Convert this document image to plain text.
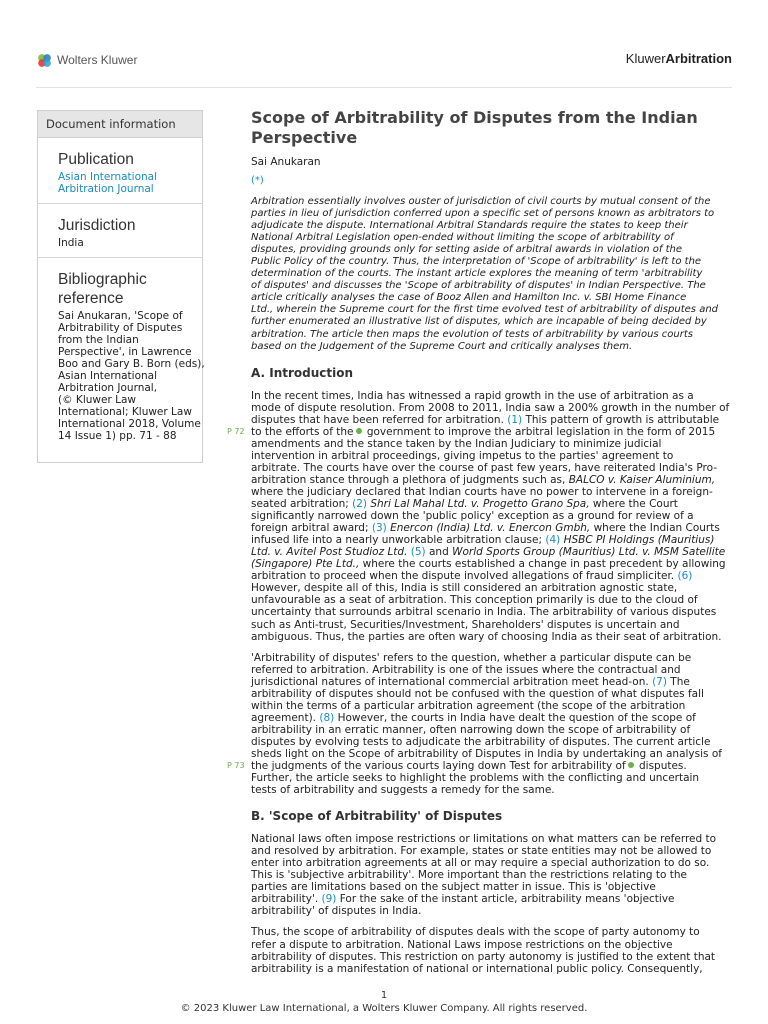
Wolters Kluwer	KluwerArbitration
Document information
Publication
Asian International
Arbitration Journal
Jurisdiction
India
Bibliographic
reference
Sai Anukaran, 'Scope of
Arbitrability of Disputes
from the Indian
Perspective', in Lawrence
Boo and Gary B. Born (eds),
Asian International
Arbitration Journal,
(© Kluwer Law
International; Kluwer Law
International 2018, Volume
14 Issue 1) pp. 71 - 88
Scope of Arbitrability of Disputes from the Indian
Perspective
Sai Anukaran
(*)
Arbitration essentially involves ouster of jurisdiction of civil courts by mutual consent of the
parties in lieu of jurisdiction conferred upon a specific set of persons known as arbitrators to
adjudicate the dispute. International Arbitral Standards require the states to keep their
National Arbitral Legislation open-ended without limiting the scope of arbitrability of
disputes, providing grounds only for setting aside of arbitral awards in violation of the
Public Policy of the country. Thus, the interpretation of 'Scope of arbitrability' is left to the
determination of the courts. The instant article explores the meaning of term 'arbitrability
of disputes' and discusses the 'Scope of arbitrability of disputes' in Indian Perspective. The
article critically analyses the case of Booz Allen and Hamilton Inc. v. SBI Home Finance
Ltd., wherein the Supreme court for the first time evolved test of arbitrability of disputes and
further enumerated an illustrative list of disputes, which are incapable of being decided by
arbitration. The article then maps the evolution of tests of arbitrability by various courts
based on the Judgement of the Supreme Court and critically analyses them.
A. Introduction
In the recent times, India has witnessed a rapid growth in the use of arbitration as a
mode of dispute resolution. From 2008 to 2011, India saw a 200% growth in the number of
disputes that have been referred for arbitration. (1) This pattern of growth is attributable
P 72 to the efforts of the government to improve the arbitral legislation in the form of 2015
amendments and the stance taken by the Indian Judiciary to minimize judicial
intervention in arbitral proceedings, giving impetus to the parties' agreement to
arbitrate. The courts have over the course of past few years, have reiterated India's Pro-
arbitration stance through a plethora of judgments such as, BALCO v. Kaiser Aluminium,
where the judiciary declared that Indian courts have no power to intervene in a foreign-
seated arbitration; (2) Shri Lal Mahal Ltd. v. Progetto Grano Spa, where the Court
significantly narrowed down the 'public policy' exception as a ground for review of a
foreign arbitral award; (3) Enercon (India) Ltd. v. Enercon Gmbh, where the Indian Courts
infused life into a nearly unworkable arbitration clause; (4) HSBC PI Holdings (Mauritius)
Ltd. v. Avitel Post Studioz Ltd. (5) and World Sports Group (Mauritius) Ltd. v. MSM Satellite
(Singapore) Pte Ltd., where the courts established a change in past precedent by allowing
arbitration to proceed when the dispute involved allegations of fraud simpliciter. (6)
However, despite all of this, India is still considered an arbitration agnostic state,
unfavourable as a seat of arbitration. This conception primarily is due to the cloud of
uncertainty that surrounds arbitral scenario in India. The arbitrability of various disputes
such as Anti-trust, Securities/Investment, Shareholders' disputes is uncertain and
ambiguous. Thus, the parties are often wary of choosing India as their seat of arbitration.
'Arbitrability of disputes' refers to the question, whether a particular dispute can be
referred to arbitration. Arbitrability is one of the issues where the contractual and
jurisdictional natures of international commercial arbitration meet head-on. (7) The
arbitrability of disputes should not be confused with the question of what disputes fall
within the terms of a particular arbitration agreement (the scope of the arbitration
agreement). (8) However, the courts in India have dealt the question of the scope of
arbitrability in an erratic manner, often narrowing down the scope of arbitrability of
disputes by evolving tests to adjudicate the arbitrability of disputes. The current article
sheds light on the Scope of arbitrability of Disputes in India by undertaking an analysis of
P 73 the judgments of the various courts laying down Test for arbitrability of disputes.
Further, the article seeks to highlight the problems with the conflicting and uncertain
tests of arbitrability and suggests a remedy for the same.
B. 'Scope of Arbitrability' of Disputes
National laws often impose restrictions or limitations on what matters can be referred to
and resolved by arbitration. For example, states or state entities may not be allowed to
enter into arbitration agreements at all or may require a special authorization to do so.
This is 'subjective arbitrability'. More important than the restrictions relating to the
parties are limitations based on the subject matter in issue. This is 'objective
arbitrability'. (9) For the sake of the instant article, arbitrability means 'objective
arbitrability' of disputes in India.
Thus, the scope of arbitrability of disputes deals with the scope of party autonomy to
refer a dispute to arbitration. National Laws impose restrictions on the objective
arbitrability of disputes. This restriction on party autonomy is justified to the extent that
arbitrability is a manifestation of national or international public policy. Consequently,
1
© 2023 Kluwer Law International, a Wolters Kluwer Company. All rights reserved.
